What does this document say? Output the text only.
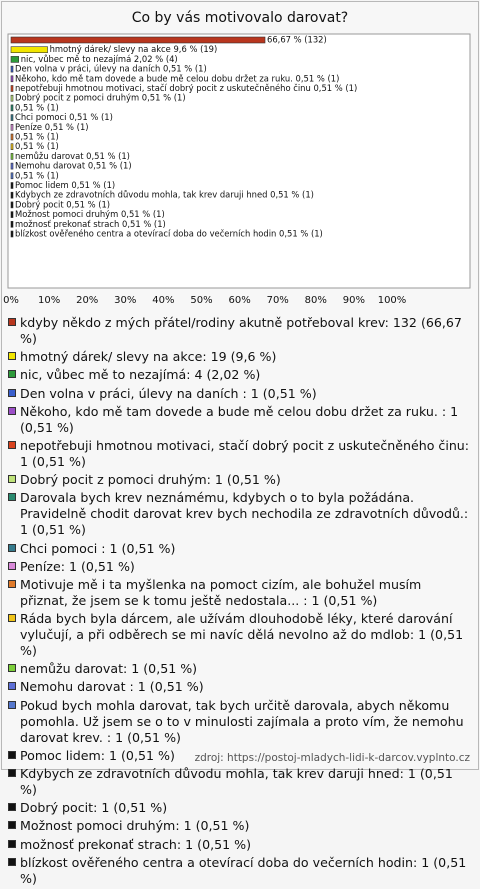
Co by vás motivovalo darovat?
66,67 % (132)
hmotný dárek/ slevy na akce 9,6 % (19)
nic, vůbec mě to nezajímá 2,02 % (4)
Den volna v práci, úlevy na daních 0,51 % (1)
Někoho, kdo mě tam dovede a bude mě celou dobu držet za ruku. 0,51 % (1)
nepotřebuji hmotnou motivaci, stačí dobrý pocit z uskutečněného činu 0,51 % (1)
Dobrý pocit z pomoci druhým 0,51 % (1)
0,51 % (1)
Chci pomoci 0,51 % (1)
Peníze 0,51 % (1)
0,51 % (1)
0,51 % (1)
nemůžu darovat 0,51 % (1)
Nemohu darovat 0,51 % (1)
0,51 % (1)
Pomoc lidem 0,51 % (1)
Kdybych ze zdravotních důvodu mohla, tak krev daruji hned 0,51 % (1)
Dobrý pocit 0,51 % (1)
Možnost pomoci druhým 0,51 % (1)
možnosť prekonať strach 0,51 % (1)
blízkost ověřeného centra a otevírací doba do večerních hodin 0,51 % (1)
0% 10% 20% 30% 40% 50% 60% 70% 80% 90% 100%
kdyby někdo z mých přátel/rodiny akutně potřeboval krev: 132 (66,67 %)
hmotný dárek/ slevy na akce: 19 (9,6 %)
nic, vůbec mě to nezajímá: 4 (2,02 %)
Den volna v práci, úlevy na daních : 1 (0,51 %)
Někoho, kdo mě tam dovede a bude mě celou dobu držet za ruku. : 1 (0,51 %)
nepotřebuji hmotnou motivaci, stačí dobrý pocit z uskutečněného činu: 1 (0,51 %)
Dobrý pocit z pomoci druhým: 1 (0,51 %)
Darovala bych krev neznámému, kdybych o to byla požádána. Pravidelně chodit darovat krev bych nechodila ze zdravotních důvodů.: 1 (0,51 %)
Chci pomoci : 1 (0,51 %)
Peníze: 1 (0,51 %)
Motivuje mě i ta myšlenka na pomoct cizím, ale bohužel musím přiznat, že jsem se k tomu ještě nedostala... : 1 (0,51 %)
Ráda bych byla dárcem, ale užívám dlouhodobě léky, které darování vylučují, a při odběrech se mi navíc dělá nevolno až do mdlob: 1 (0,51 %)
nemůžu darovat: 1 (0,51 %)
Nemohu darovat : 1 (0,51 %)
Pokud bych mohla darovat, tak bych určitě darovala, abych někomu pomohla. Už jsem se o to v minulosti zajímala a proto vím, že nemohu darovat krev. : 1 (0,51 %)
Pomoc lidem: 1 (0,51 %)
Kdybych ze zdravotních důvodu mohla, tak krev daruji hned: 1 (0,51 %)
Dobrý pocit: 1 (0,51 %)
Možnost pomoci druhým: 1 (0,51 %)
možnosť prekonať strach: 1 (0,51 %)
blízkost ověřeného centra a otevírací doba do večerních hodin: 1 (0,51 %)
zdroj: https://postoj-mladych-lidi-k-darcov.vyplnto.cz
